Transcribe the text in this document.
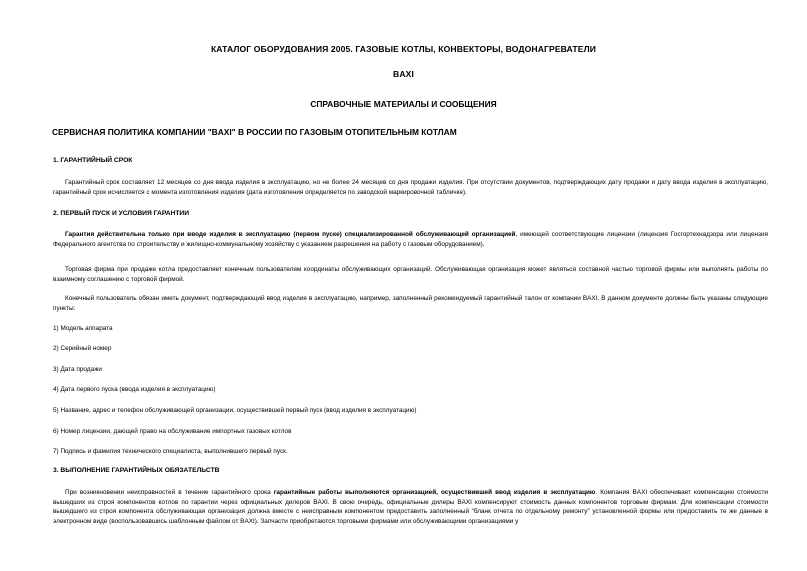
КАТАЛОГ ОБОРУДОВАНИЯ 2005. ГАЗОВЫЕ КОТЛЫ, КОНВЕКТОРЫ, ВОДОНАГРЕВАТЕЛИ
BAXI
СПРАВОЧНЫЕ МАТЕРИАЛЫ И СООБЩЕНИЯ
СЕРВИСНАЯ ПОЛИТИКА КОМПАНИИ "BAXI" В РОССИИ ПО ГАЗОВЫМ ОТОПИТЕЛЬНЫМ КОТЛАМ
1. ГАРАНТИЙНЫЙ СРОК
Гарантийный срок составляет 12 месяцев со дня ввода изделия в эксплуатацию, но не более 24 месяцев со дня продажи изделия. При отсутствии документов, подтверждающих дату продажи и дату ввода изделия в эксплуатацию, гарантийный срок исчисляется с момента изготовления изделия (дата изготовления определяется по заводской маркировочной табличке).
2. ПЕРВЫЙ ПУСК И УСЛОВИЯ ГАРАНТИИ
Гарантия действительна только при вводе изделия в эксплуатацию (первом пуске) специализированной обслуживающей организацией, имеющей соответствующие лицензии (лицензия Госгортехнадзора или лицензия Федерального агентства по строительству и жилищно-коммунальному хозяйству с указанием разрешения на работу с газовым оборудованием).
Торговая фирма при продаже котла предоставляет конечным пользователям координаты обслуживающих организаций. Обслуживающая организация может являться составной частью торговой фирмы или выполнять работы по взаимному соглашению с торговой фирмой.
Конечный пользователь обязан иметь документ, подтверждающий ввод изделия в эксплуатацию, например, заполненный рекомендуемый гарантийный талон от компании BAXI. В данном документе должны быть указаны следующие пункты:
1) Модель аппарата
2) Серийный номер
3) Дата продажи
4) Дата первого пуска (ввода изделия в эксплуатацию)
5) Название, адрес и телефон обслуживающей организации, осуществившей первый пуск (ввод изделия в эксплуатацию)
6) Номер лицензии, дающей право на обслуживание импортных газовых котлов
7) Подпись и фамилия технического специалиста, выполнившего первый пуск.
3. ВЫПОЛНЕНИЕ ГАРАНТИЙНЫХ ОБЯЗАТЕЛЬСТВ
При возникновении неисправностей в течение гарантийного срока гарантийные работы выполняются организацией, осуществившей ввод изделия в эксплуатацию. Компания BAXI обеспечивает компенсацию стоимости вышедших из строя компонентов котлов по гарантии через официальных дилеров BAXI. В свою очередь, официальные дилеры BAXI компенсируют стоимость данных компонентов торговым фирмам. Для компенсации стоимости вышедшего из строя компонента обслуживающая организация должна вместе с неисправным компонентом предоставить заполненный "бланк отчета по отдельному ремонту" установленной формы или предоставить те же данные в электронном виде (воспользовавшись шаблонным файлом от BAXI). Запчасти приобретаются торговыми фирмами или обслуживающими организациями у
